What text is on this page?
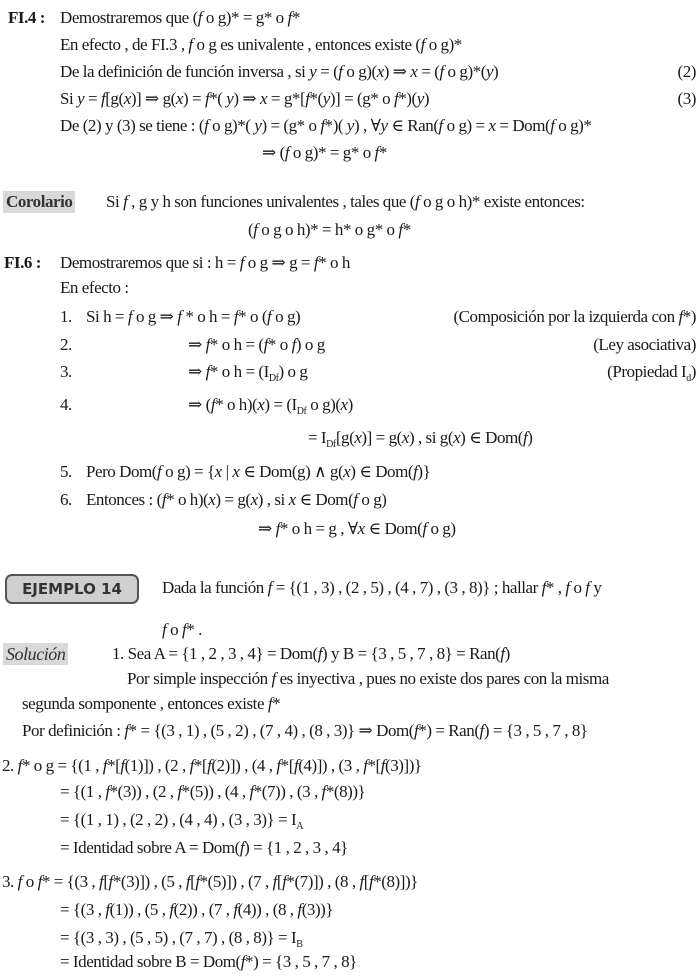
FI.4 : Demostraremos que (f o g)* = g* o f*
En efecto , de FI.3 , f o g es univalente , entonces existe (f o g)*
De la definición de función inversa , si y = (f o g)(x) ⇒ x = (f o g)*(y)	(2)
Si y = f[g(x)] ⇒ g(x) = f*( y) ⇒ x = g*[f*(y)] = (g* o f*)(y)	(3)
De (2) y (3) se tiene : (f o g)*( y) = (g* o f*)( y) , ∀y ∈ Ran(f o g) = x = Dom(f o g)*
⇒ (f o g)* = g* o f*
Corolario Si f , g y h son funciones univalentes , tales que (f o g o h)* existe entonces:
(f o g o h)* = h* o g* o f*
FI.6 : Demostraremos que si : h = f o g ⇒ g = f* o h
En efecto :
1. Si h = f o g ⇒ f * o h = f* o (f o g)	(Composición por la izquierda con f*)
2.	⇒ f* o h = (f* o f) o g	(Ley asociativa)
3.	⇒ f* o $h = (I_{Df})$ o g	(Propiedad $I_d$)
4.	⇒ (f* o $h)(x) = (I_{Df}$ o g)(x)
= $I_{Df}[g(x)] = g(x)$ , si g(x) ∈ Dom(f)
5. Pero Dom(f o g) = {x | x ∈ Dom(g) ∧ g(x) ∈ Dom(f)}
6. Entonces : (f* o h)(x) = g(x) , si x ∈ Dom(f o g)
⇒ f* o h = g , ∀x ∈ Dom(f o g)
EJEMPLO 14	Dada la función f = {(1 , 3) , (2 , 5) , (4 , 7) , (3 , 8)} ; hallar f* , f o f y
f o f* .
Solución	1. Sea A = {1 , 2 , 3 , 4} = Dom(f) y B = {3 , 5 , 7 , 8} = Ran(f)
Por simple inspección f es inyectiva , pues no existe dos pares con la misma
segunda somponente , entonces existe f*
Por definición : f* = {(3 , 1) , (5 , 2) , (7 , 4) , (8 , 3)} ⇒ Dom(f*) = Ran(f) = {3 , 5 , 7 , 8}
2. f* o g = {(1 , f*[f(1)]) , (2 , f*[f(2)]) , (4 , f*[f(4)]) , (3 , f*[f(3)])}
= {(1 , f*(3)) , (2 , f*(5)) , (4 , f*(7)) , (3 , f*(8))}
= {(1 , 1) , (2 , 2) , (4 , 4) , (3 , $3)\} = I_A$
= Identidad sobre A = Dom(f) = {1 , 2 , 3 , 4}
3. f o f* = {(3 , f[f*(3)]) , (5 , f[f*(5)]) , (7 , f[f*(7)]) , (8 , f[f*(8)])}
= {(3 , f(1)) , (5 , f(2)) , (7 , f(4)) , (8 , f(3))}
= {(3 , 3) , (5 , 5) , (7 , 7) , (8 , $8)\} = I_B$
= Identidad sobre B = Dom(f*) = {3 , 5 , 7 , 8}
